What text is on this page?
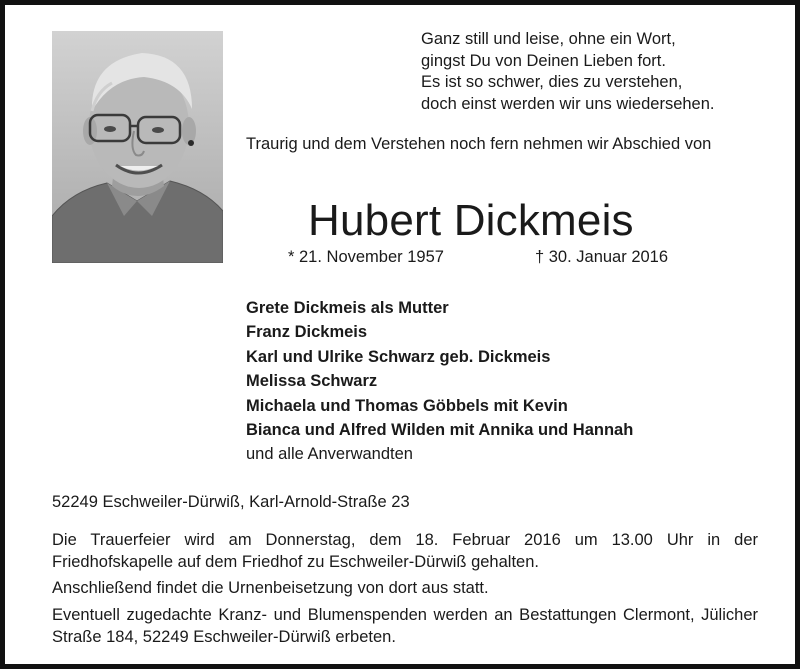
Ganz still und leise, ohne ein Wort,
gingst Du von Deinen Lieben fort.
Es ist so schwer, dies zu verstehen,
doch einst werden wir uns wiedersehen.
Traurig und dem Verstehen noch fern nehmen wir Abschied von
Hubert Dickmeis
* 21. November 1957	† 30. Januar 2016
Grete Dickmeis als Mutter
Franz Dickmeis
Karl und Ulrike Schwarz geb. Dickmeis
Melissa Schwarz
Michaela und Thomas Göbbels mit Kevin
Bianca und Alfred Wilden mit Annika und Hannah
und alle Anverwandten
52249 Eschweiler-Dürwiß, Karl-Arnold-Straße 23
Die Trauerfeier wird am Donnerstag, dem 18. Februar 2016 um 13.00 Uhr in der Friedhofskapelle auf dem Friedhof zu Eschweiler-Dürwiß gehalten.
Anschließend findet die Urnenbeisetzung von dort aus statt.
Eventuell zugedachte Kranz- und Blumenspenden werden an Bestattungen Clermont, Jülicher Straße 184, 52249 Eschweiler-Dürwiß erbeten.
